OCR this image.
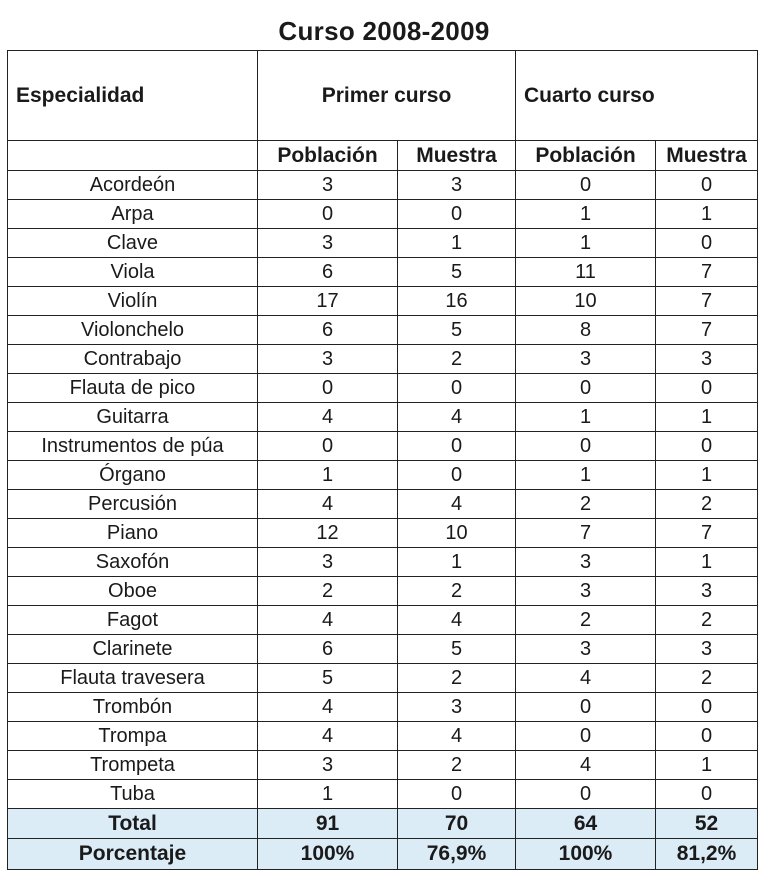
Curso 2008-2009
Especialidad	Primer curso		Cuarto curso	
	Población	Muestra	Población	Muestra
Acordeón	3	3	0	0
Arpa	0	0	1	1
Clave	3	1	1	0
Viola	6	5	11	7
Violín	17	16	10	7
Violonchelo	6	5	8	7
Contrabajo	3	2	3	3
Flauta de pico	0	0	0	0
Guitarra	4	4	1	1
Instrumentos de púa	0	0	0	0
Órgano	1	0	1	1
Percusión	4	4	2	2
Piano	12	10	7	7
Saxofón	3	1	3	1
Oboe	2	2	3	3
Fagot	4	4	2	2
Clarinete	6	5	3	3
Flauta travesera	5	2	4	2
Trombón	4	3	0	0
Trompa	4	4	0	0
Trompeta	3	2	4	1
Tuba	1	0	0	0
Total	91	70	64	52
Porcentaje	100%	76,9%	100%	81,2%
